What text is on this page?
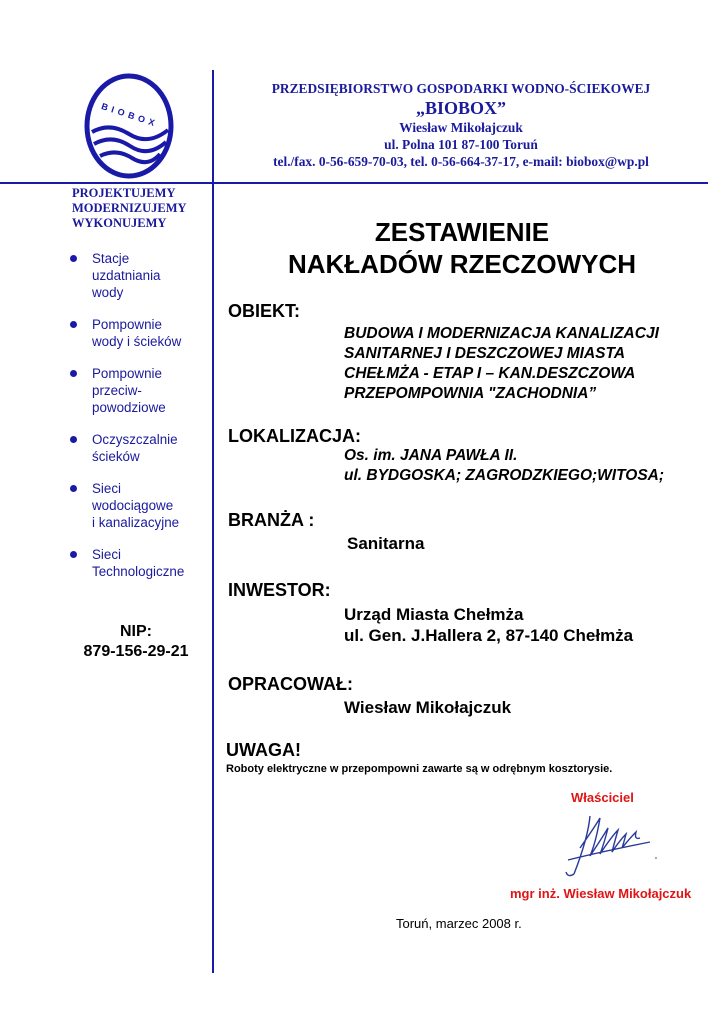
BIOBOX
PRZEDSIĘBIORSTWO GOSPODARKI WODNO-ŚCIEKOWEJ
„BIOBOX”
Wiesław Mikołajczuk
ul. Polna 101 87-100 Toruń
tel./fax. 0-56-659-70-03, tel. 0-56-664-37-17, e-mail: biobox@wp.pl
PROJEKTUJEMY
MODERNIZUJEMY
WYKONUJEMY
Stacje
uzdatniania
wody
Pompownie
wody i ścieków
Pompownie
przeciw-
powodziowe
Oczyszczalnie
ścieków
Sieci
wodociągowe
i kanalizacyjne
Sieci
Technologiczne
NIP:
879-156-29-21
ZESTAWIENIE
NAKŁADÓW RZECZOWYCH
OBIEKT:
BUDOWA I MODERNIZACJA KANALIZACJI
SANITARNEJ I DESZCZOWEJ MIASTA
CHEŁMŻA - ETAP I – KAN.DESZCZOWA
PRZEPOMPOWNIA "ZACHODNIA”
LOKALIZACJA:
Os. im. JANA PAWŁA II.
ul. BYDGOSKA; ZAGRODZKIEGO;WITOSA;
BRANŻA :
Sanitarna
INWESTOR:
Urząd Miasta Chełmża
ul. Gen. J.Hallera 2, 87-140 Chełmża
OPRACOWAŁ:
Wiesław Mikołajczuk
UWAGA!
Roboty elektryczne w przepompowni zawarte są w odrębnym kosztorysie.
Właściciel
mgr inż. Wiesław Mikołajczuk
Toruń, marzec 2008 r.
